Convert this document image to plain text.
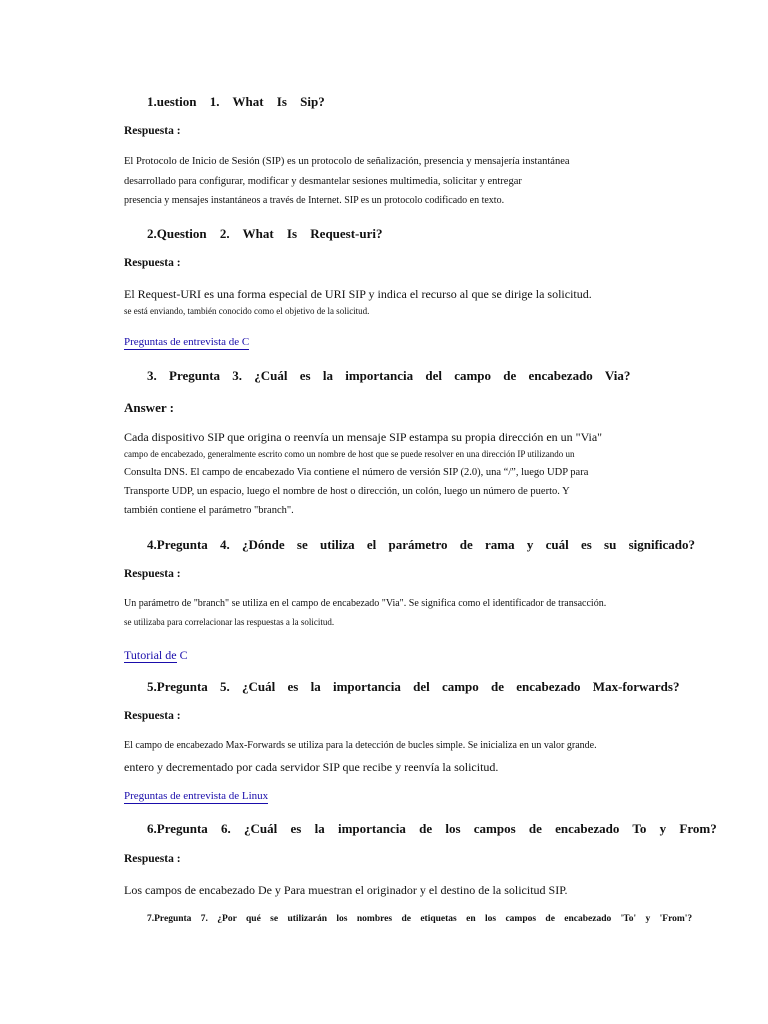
1.uestion 1. What Is Sip?
Respuesta :
El Protocolo de Inicio de Sesión (SIP) es un protocolo de señalización, presencia y mensajería instantánea
desarrollado para configurar, modificar y desmantelar sesiones multimedia, solicitar y entregar
presencia y mensajes instantáneos a través de Internet. SIP es un protocolo codificado en texto.
2.Question 2. What Is Request-uri?
Respuesta :
El Request-URI es una forma especial de URI SIP y indica el recurso al que se dirige la solicitud.
se está enviando, también conocido como el objetivo de la solicitud.
Preguntas de entrevista de C
3. Pregunta 3. ¿Cuál es la importancia del campo de encabezado Via?
Answer :
Cada dispositivo SIP que origina o reenvía un mensaje SIP estampa su propia dirección en un "Via"
campo de encabezado, generalmente escrito como un nombre de host que se puede resolver en una dirección IP utilizando un
Consulta DNS. El campo de encabezado Via contiene el número de versión SIP (2.0), una “/”, luego UDP para
Transporte UDP, un espacio, luego el nombre de host o dirección, un colón, luego un número de puerto. Y
también contiene el parámetro "branch".
4.Pregunta 4. ¿Dónde se utiliza el parámetro de rama y cuál es su significado?
Respuesta :
Un parámetro de "branch" se utiliza en el campo de encabezado "Via". Se significa como el identificador de transacción.
se utilizaba para correlacionar las respuestas a la solicitud.
Tutorial de C
5.Pregunta 5. ¿Cuál es la importancia del campo de encabezado Max-forwards?
Respuesta :
El campo de encabezado Max-Forwards se utiliza para la detección de bucles simple. Se inicializa en un valor grande.
entero y decrementado por cada servidor SIP que recibe y reenvía la solicitud.
Preguntas de entrevista de Linux
6.Pregunta 6. ¿Cuál es la importancia de los campos de encabezado To y From?
Respuesta :
Los campos de encabezado De y Para muestran el originador y el destino de la solicitud SIP.
7.Pregunta 7. ¿Por qué se utilizarán los nombres de etiquetas en los campos de encabezado 'To' y 'From'?
